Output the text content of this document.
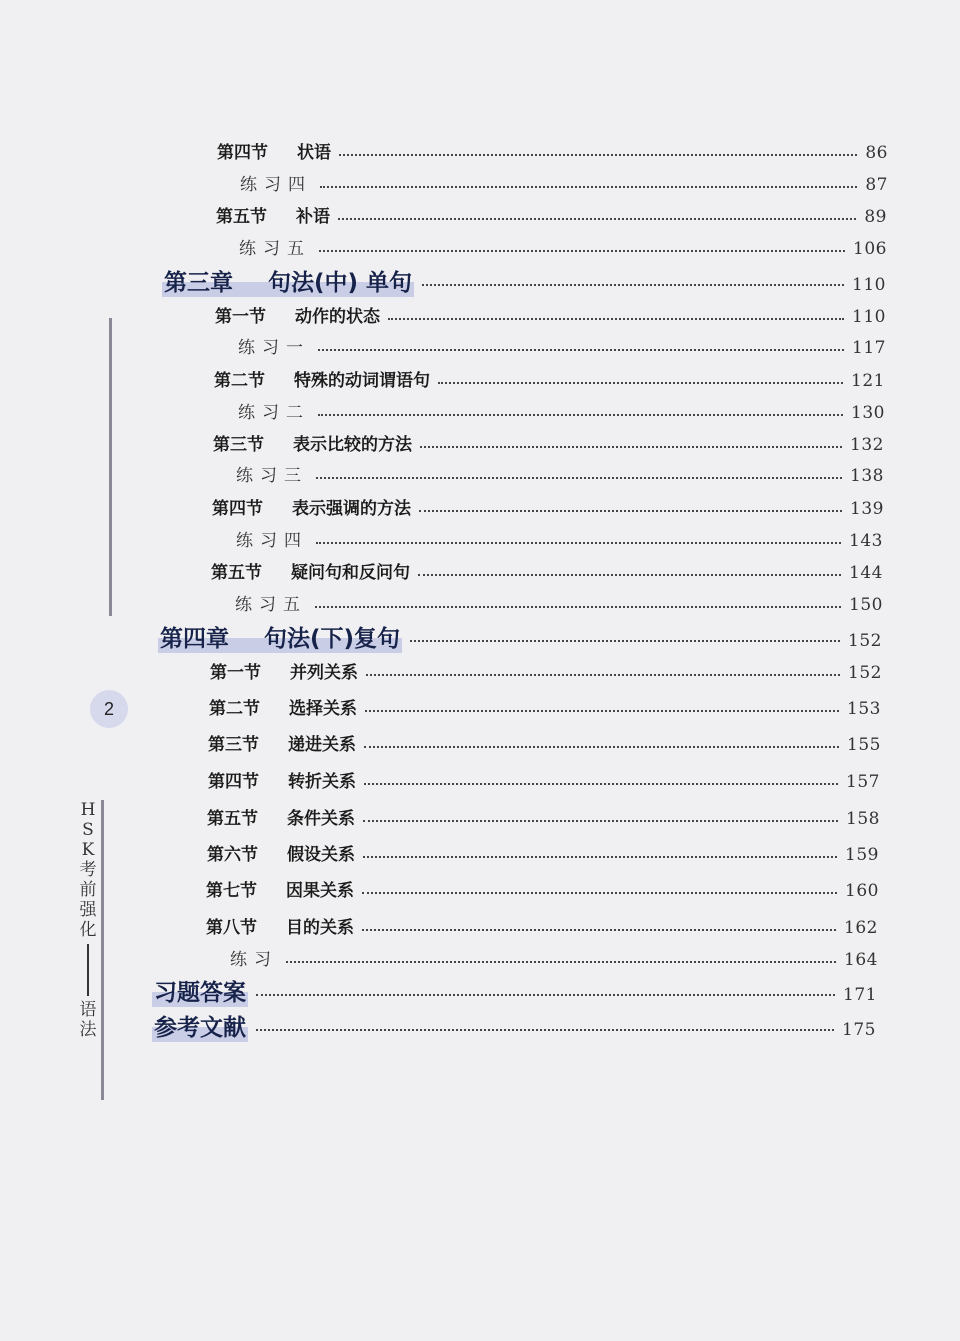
2
H
S
K
考
前
强
化
语
法
第四节 状语	86
练习四	87
第五节 补语	89
练习五	106
第三章 句法(中) 单句	110
第一节 动作的状态	110
练习一	117
第二节 特殊的动词谓语句	121
练习二	130
第三节 表示比较的方法	132
练习三	138
第四节 表示强调的方法	139
练习四	143
第五节 疑问句和反问句	144
练习五	150
第四章 句法(下)复句	152
第一节 并列关系	152
第二节 选择关系	153
第三节 递进关系	155
第四节 转折关系	157
第五节 条件关系	158
第六节 假设关系	159
第七节 因果关系	160
第八节 目的关系	162
练习	164
习题答案	171
参考文献	175
